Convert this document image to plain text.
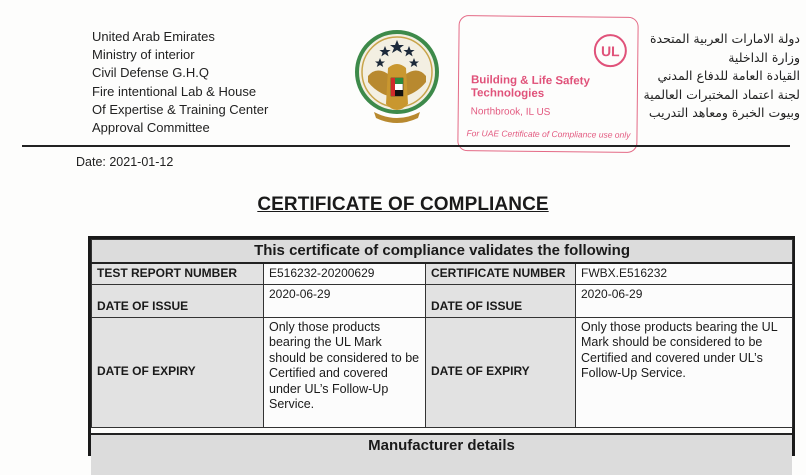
United Arab Emirates
Ministry of interior
Civil Defense G.H.Q
Fire intentional Lab & House
Of Expertise & Training Center
Approval Committee
UL
Building & Life Safety
Technologies
Northbrook, IL US
For UAE Certificate of Compliance use only
دولة الامارات العربية المتحدة
وزارة الداخلية
القيادة العامة للدفاع المدني
لجنة اعتماد المختبرات العالمية
وبيوت الخبرة ومعاهد التدريب
Date: 2021-01-12
CERTIFICATE OF COMPLIANCE
This certificate of compliance validates the following			
TEST REPORT NUMBER	E516232-20200629	CERTIFICATE NUMBER	FWBX.E516232
DATE OF ISSUE	2020-06-29	DATE OF ISSUE	2020-06-29
DATE OF EXPIRY	Only those products bearing the UL Mark should be considered to be Certified and covered under UL’s Follow-Up Service.	DATE OF EXPIRY	Only those products bearing the UL Mark should be considered to be Certified and covered under UL’s Follow-Up Service.
Manufacturer details
